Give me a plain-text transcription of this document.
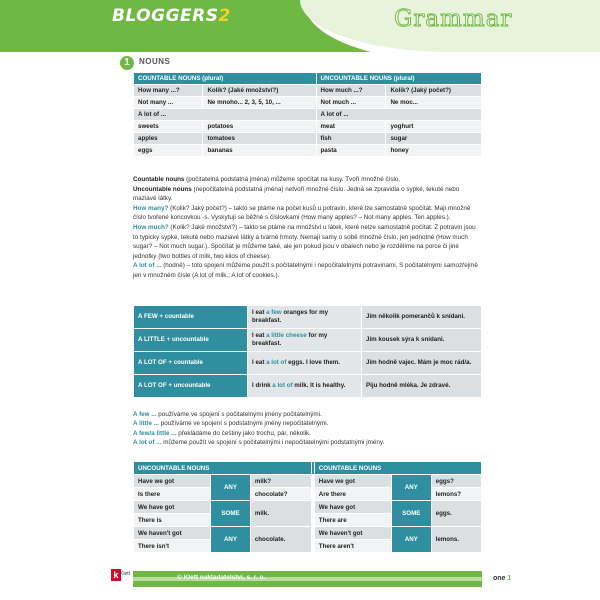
BLOGGERS2	Grammar
1	NOUNS
COUNTABLE NOUNS (plural)		UNCOUNTABLE NOUNS (plural)	
How many ...?	Kolik? (Jaké množství?)	How much ...?	Kolik? (Jaký počet?)
Not many ...	Ne mnoho... 2, 3, 5, 10, ...	Not much ...	Ne moc...
A lot of ...		A lot of ...	
sweets	potatoes	meat	yoghurt
apples	tomatoes	fish	sugar
eggs	bananas	pasta	honey
Countable nouns (počitatelná podstatná jména) můžeme spočítat na kusy. Tvoří množné číslo.
Uncountable nouns (nepočitatelná podstatná jména) netvoří množné číslo. Jedná se zpravidla o sypké, tekuté nebo maziavé látky.
How many? (Kolik? Jaký počet?) – takto se ptáme na počet kusů u potravin, které lze samostatně spočítat. Mají množné číslo tvořené koncovkou -s. Vyskytují se běžně s číslovkami (How many apples? – Not many apples. Ten apples.).
How much? (Kolik? Jaké množství?) – takto se ptáme na množství u látek, které nelze samostatně počítat. Z potravin jsou to typicky sypké, tekuté nebo maziavé látky a tvárné hmoty. Nemají samy o sobě množné číslo, jen jednotné (How much sugar? – Not much sugar.). Spočítat je můžeme také, ale jen pokud jsou v obalech nebo je rozdělíme na porce či jiné jednotky (two bottles of milk, two kilos of cheese).
A lot of ... (hodně) – toto spojení můžeme použít s počitatelnými i nepočitatelnými potravinami. S počitatelnými samozřejmě jen v množném čísle (A lot of milk.; A lot of cookies.).
A FEW + countable	I eat a few oranges for my breakfast.	Jím několik pomerančů k snídani.
A LITTLE + uncountable	I eat a little cheese for my breakfast.	Jím kousek sýra k snídani.
A LOT OF + countable	I eat a lot of eggs. I love them.	Jím hodně vajec. Mám je moc rád/a.
A LOT OF + uncountable	I drink a lot of milk. It is healthy.	Piju hodně mléka. Je zdravé.
A few ... používáme ve spojení s počitatelnými jmény počitatelnými.
A little ... používáme ve spojení s podstatnými jmény nepočitatelnými.
A few/a little ... překládáme do češtiny jako trochu, pár, několik.
A lot of ... můžeme použít ve spojení s počitatelnými i nepočitatelnými podstatnými jmény.
UNCOUNTABLE NOUNS				COUNTABLE NOUNS		
Have we got	ANY	milk?		Have we got	ANY	eggs?
Is there		chocolate?		Are there		lemons?
We have got	SOME	milk.		We have got	SOME	eggs.
There is				There are		
We haven't got	ANY	chocolate.		We haven't got	ANY	lemons.
There isn't				There aren't		
k Klett	© Klett nakladatelství, s. r. o.	one 1
